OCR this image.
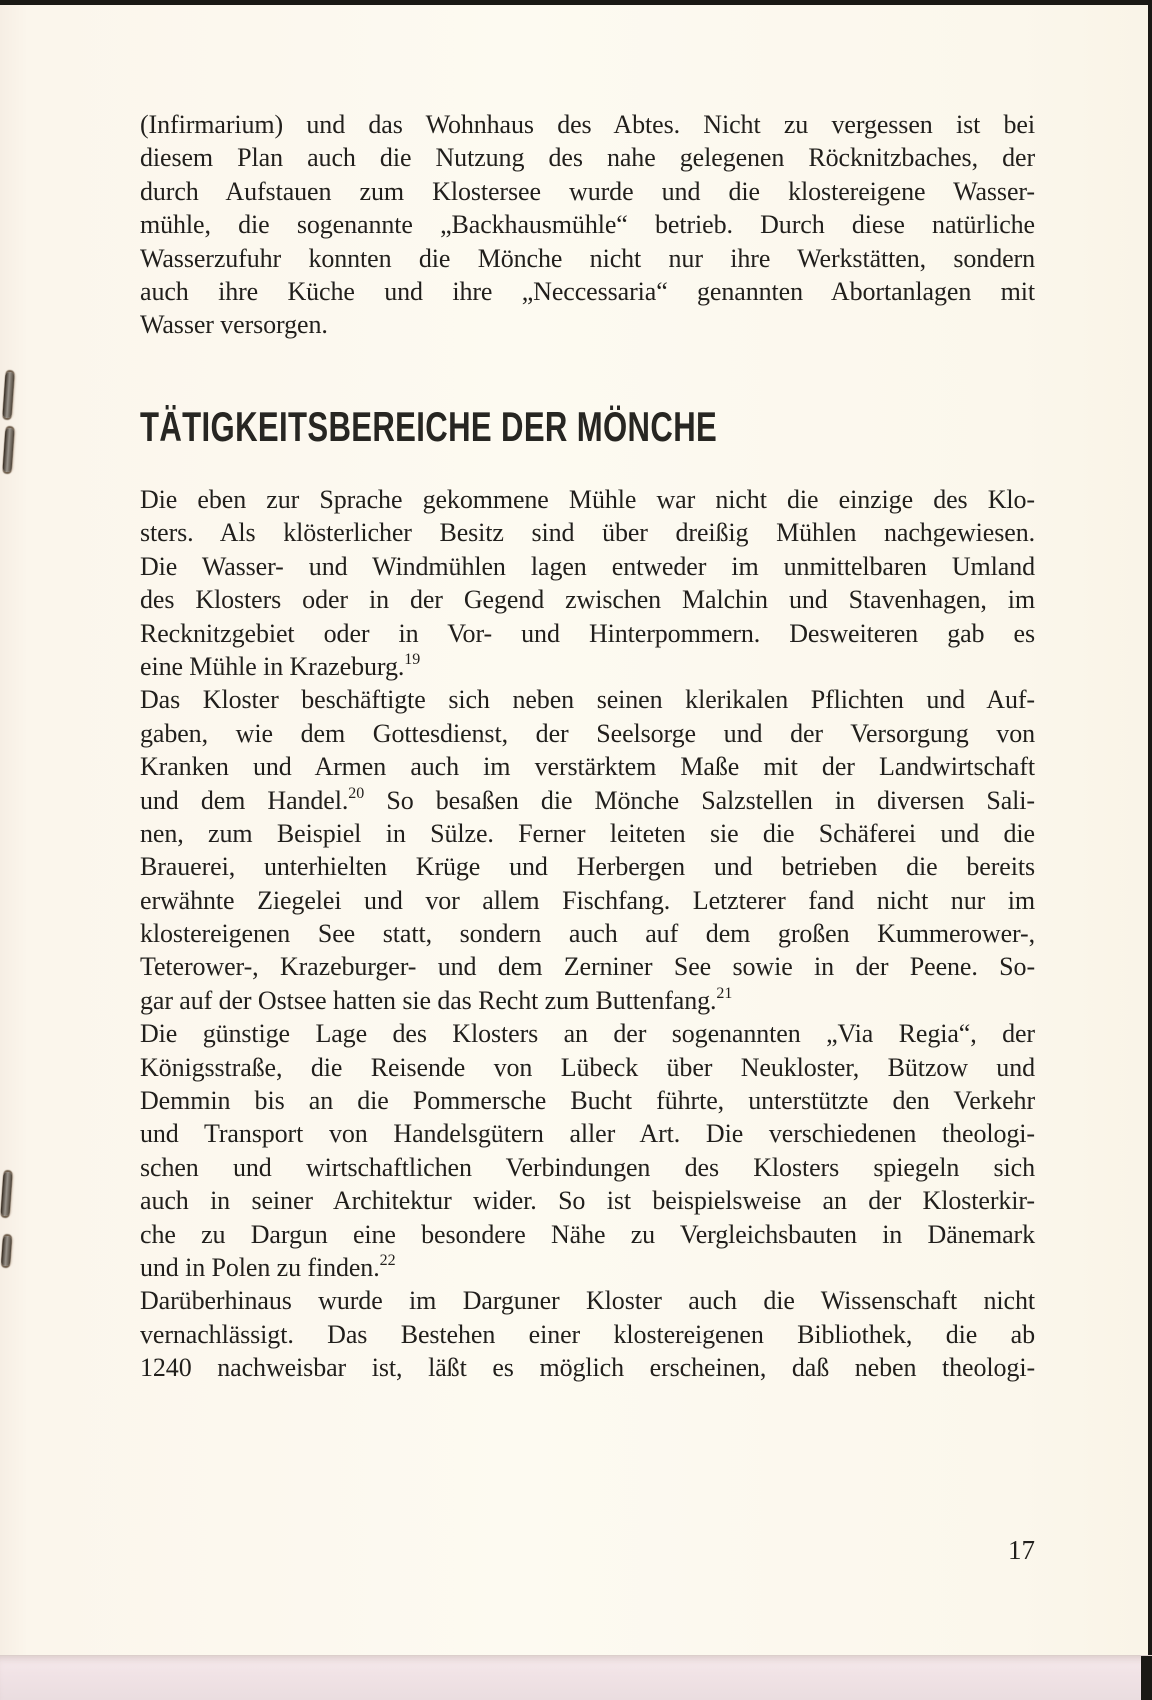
(Infirmarium) und das Wohnhaus des Abtes. Nicht zu vergessen ist bei
diesem Plan auch die Nutzung des nahe gelegenen Röcknitzbaches, der
durch Aufstauen zum Klostersee wurde und die klostereigene Wasser-
mühle, die sogenannte „Backhausmühle“ betrieb. Durch diese natürliche
Wasserzufuhr konnten die Mönche nicht nur ihre Werkstätten, sondern
auch ihre Küche und ihre „Neccessaria“ genannten Abortanlagen mit
Wasser versorgen.
TÄTIGKEITSBEREICHE DER MÖNCHE
Die eben zur Sprache gekommene Mühle war nicht die einzige des Klo-
sters. Als klösterlicher Besitz sind über dreißig Mühlen nachgewiesen.
Die Wasser- und Windmühlen lagen entweder im unmittelbaren Umland
des Klosters oder in der Gegend zwischen Malchin und Stavenhagen, im
Recknitzgebiet oder in Vor- und Hinterpommern. Desweiteren gab es
eine Mühle in Krazeburg.$^{19}$
Das Kloster beschäftigte sich neben seinen klerikalen Pflichten und Auf-
gaben, wie dem Gottesdienst, der Seelsorge und der Versorgung von
Kranken und Armen auch im verstärktem Maße mit der Landwirtschaft
und dem Handel.$^{20}$ So besaßen die Mönche Salzstellen in diversen Sali-
nen, zum Beispiel in Sülze. Ferner leiteten sie die Schäferei und die
Brauerei, unterhielten Krüge und Herbergen und betrieben die bereits
erwähnte Ziegelei und vor allem Fischfang. Letzterer fand nicht nur im
klostereigenen See statt, sondern auch auf dem großen Kummerower-,
Teterower-, Krazeburger- und dem Zerniner See sowie in der Peene. So-
gar auf der Ostsee hatten sie das Recht zum Buttenfang.$^{21}$
Die günstige Lage des Klosters an der sogenannten „Via Regia“, der
Königsstraße, die Reisende von Lübeck über Neukloster, Bützow und
Demmin bis an die Pommersche Bucht führte, unterstützte den Verkehr
und Transport von Handelsgütern aller Art. Die verschiedenen theologi-
schen und wirtschaftlichen Verbindungen des Klosters spiegeln sich
auch in seiner Architektur wider. So ist beispielsweise an der Klosterkir-
che zu Dargun eine besondere Nähe zu Vergleichsbauten in Dänemark
und in Polen zu finden.$^{22}$
Darüberhinaus wurde im Darguner Kloster auch die Wissenschaft nicht
vernachlässigt. Das Bestehen einer klostereigenen Bibliothek, die ab
1240 nachweisbar ist, läßt es möglich erscheinen, daß neben theologi-
17
